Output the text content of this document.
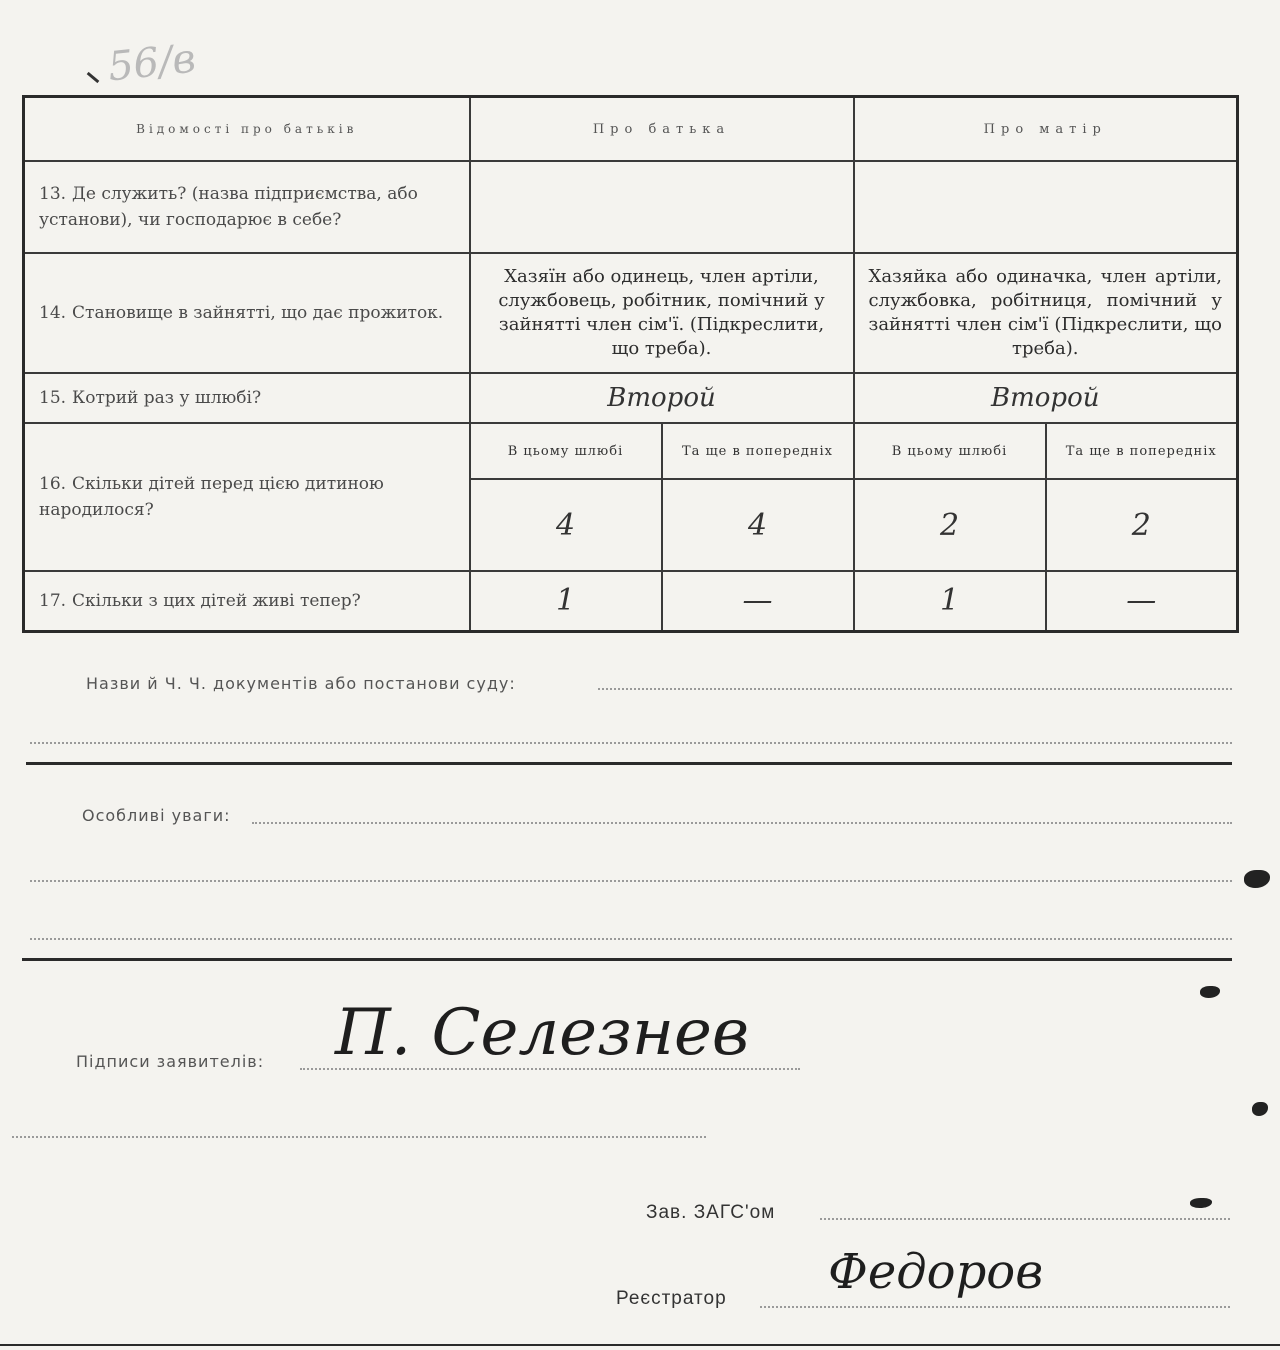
56/в
Відомості про батьків	Про батька		Про матір	
13. Де служить? (назва підприємства, або установи), чи господарює в себе?				
14. Становище в зайнятті, що дає прожиток.	Хазяїн або одинець, член артіли, службовець, робітник, помічний у зайнятті член сім'ї. (Підкреслити, що треба).		Хазяйка або одиначка, член артіли, службовка, робітниця, помічний у зайнятті член сім'ї (Підкреслити, що треба).	
15. Котрий раз у шлюбі?	Второй		Второй	
16. Скільки дітей перед цією дитиною народилося?	В цьому шлюбі	Та ще в попередніх	В цьому шлюбі	Та ще в попередніх
	4	4	2	2
17. Скільки з цих дітей живі тепер?	1	—	1	—
Назви й Ч. Ч. документів або постанови суду:
Особливі уваги:
Підписи заявителів: П. Селезнев
Зав. ЗАГС'ом
Реєстратор Федоров
